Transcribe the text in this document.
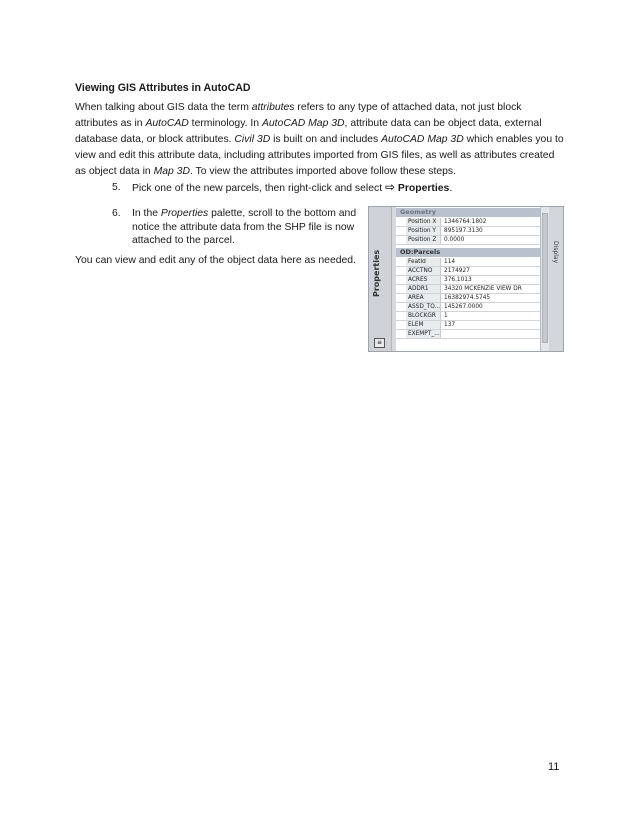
Viewing GIS Attributes in AutoCAD
When talking about GIS data the term attributes refers to any type of attached data, not just block attributes as in AutoCAD terminology. In AutoCAD Map 3D, attribute data can be object data, external database data, or block attributes. Civil 3D is built on and includes AutoCAD Map 3D which enables you to view and edit this attribute data, including attributes imported from GIS files, as well as attributes created as object data in Map 3D. To view the attributes imported above follow these steps.
5.	Pick one of the new parcels, then right-click and select ⇨ Properties.
6.	In the Properties palette, scroll to the bottom and notice the attribute data from the SHP file is now attached to the parcel.
You can view and edit any of the object data here as needed. Properties
≡
Geometry
Position X	1346764.1802
Position Y	895197.3130
Position Z	0.0000
OD:Parcels
FeatId	114
ACCTNO	2174927
ACRES	376.1013
ADDR1	34320 MCKENZIE VIEW DR
AREA	16382974.5745
ASSD_TO... 145267.0000
BLOCKGR	1
ELEM	137
EXEMPT_...
Display
11
